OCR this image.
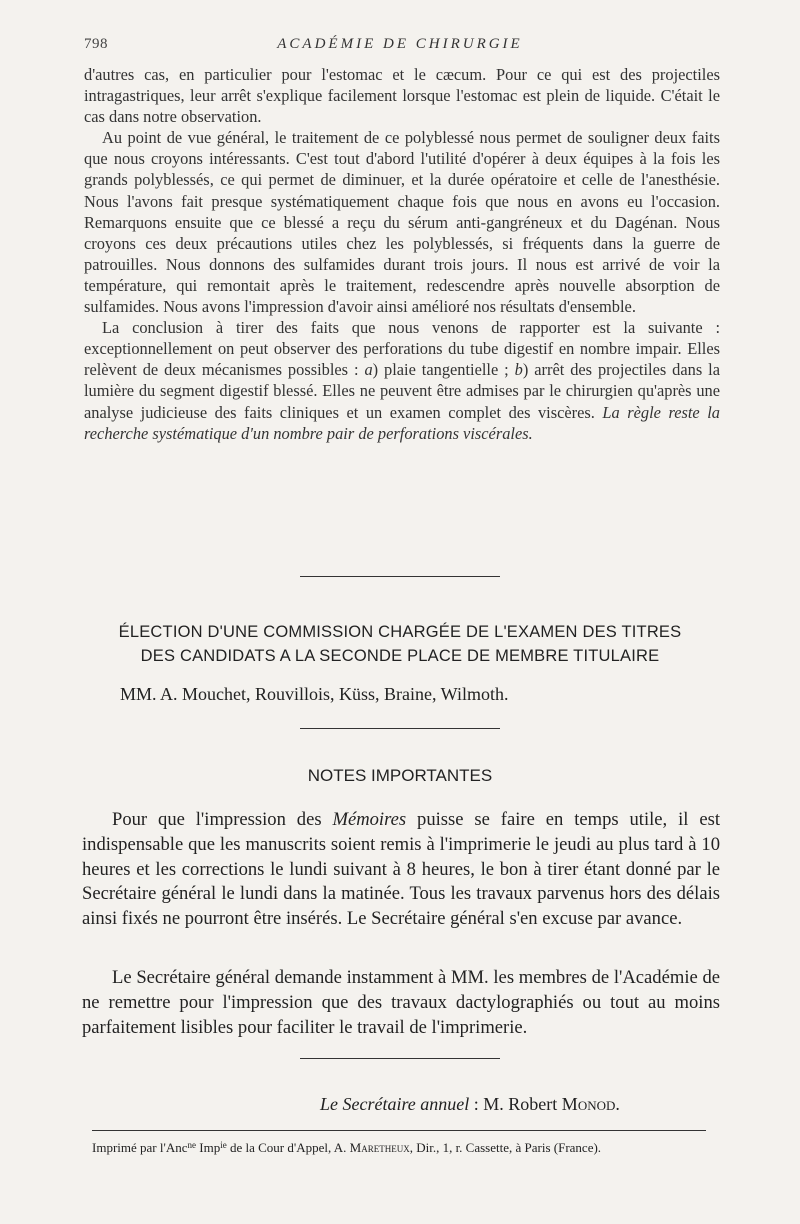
798	ACADÉMIE DE CHIRURGIE

d'autres cas, en particulier pour l'estomac et le cæcum. Pour ce qui est des projectiles intragastriques, leur arrêt s'explique facilement lorsque l'estomac est plein de liquide. C'était le cas dans notre observation.

Au point de vue général, le traitement de ce polyblessé nous permet de souligner deux faits que nous croyons intéressants. C'est tout d'abord l'utilité d'opérer à deux équipes à la fois les grands polyblessés, ce qui permet de diminuer, et la durée opératoire et celle de l'anesthésie. Nous l'avons fait presque systématiquement chaque fois que nous en avons eu l'occasion. Remarquons ensuite que ce blessé a reçu du sérum anti-gangréneux et du Dagénan. Nous croyons ces deux précautions utiles chez les polyblessés, si fréquents dans la guerre de patrouilles. Nous donnons des sulfamides durant trois jours. Il nous est arrivé de voir la température, qui remontait après le traitement, redescendre après nouvelle absorption de sulfamides. Nous avons l'impression d'avoir ainsi amélioré nos résultats d'ensemble.

La conclusion à tirer des faits que nous venons de rapporter est la suivante : exceptionnellement on peut observer des perforations du tube digestif en nombre impair. Elles relèvent de deux mécanismes possibles : a) plaie tangentielle ; b) arrêt des projectiles dans la lumière du segment digestif blessé. Elles ne peuvent être admises par le chirurgien qu'après une analyse judicieuse des faits cliniques et un examen complet des viscères. La règle reste la recherche systématique d'un nombre pair de perforations viscérales.

ÉLECTION D'UNE COMMISSION CHARGÉE DE L'EXAMEN DES TITRES
DES CANDIDATS A LA SECONDE PLACE DE MEMBRE TITULAIRE
MM. A. Mouchet, Rouvillois, Küss, Braine, Wilmoth.
NOTES IMPORTANTES

Pour que l'impression des Mémoires puisse se faire en temps utile, il est indispensable que les manuscrits soient remis à l'imprimerie le jeudi au plus tard à 10 heures et les corrections le lundi suivant à 8 heures, le bon à tirer étant donné par le Secrétaire général le lundi dans la matinée. Tous les travaux parvenus hors des délais ainsi fixés ne pourront être insérés. Le Secrétaire général s'en excuse par avance.

Le Secrétaire général demande instamment à MM. les membres de l'Académie de ne remettre pour l'impression que des travaux dactylographiés ou tout au moins parfaitement lisibles pour faciliter le travail de l'imprimerie.

Le Secrétaire annuel : M. Robert Monod.
Imprimé par l'Anc$^{ne}$ Imp$^{ie}$ de la Cour d'Appel, A. Maretheux, Dir., 1, r. Cassette, à Paris (France).
